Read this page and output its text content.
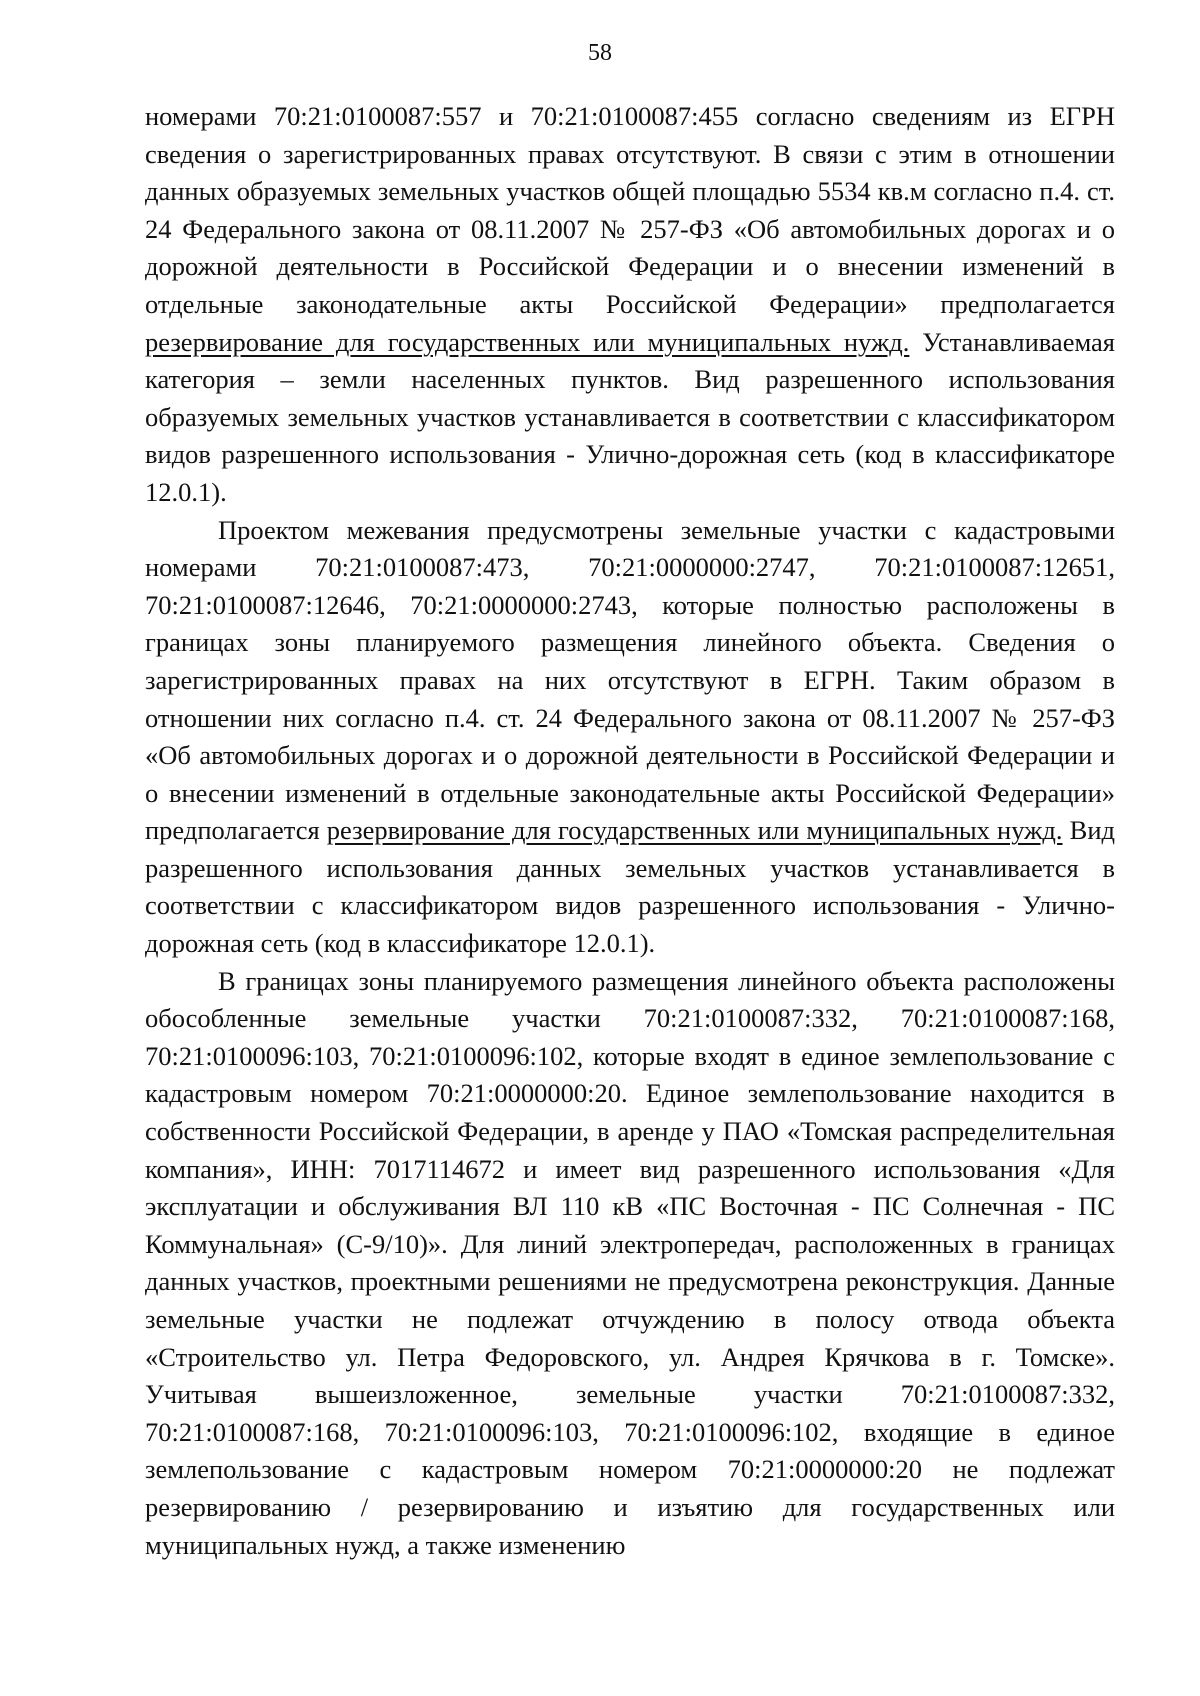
58

номерами 70:21:0100087:557 и 70:21:0100087:455 согласно сведениям из ЕГРН сведения о зарегистрированных правах отсутствуют. В связи с этим в отношении данных образуемых земельных участков общей площадью 5534 кв.м согласно п.4. ст. 24 Федерального закона от 08.11.2007 № 257-ФЗ «Об автомобильных дорогах и о дорожной деятельности в Российской Федерации и о внесении изменений в отдельные законодательные акты Российской Федерации» предполагается резервирование для государственных или муниципальных нужд. Устанавливаемая категория – земли населенных пунктов. Вид разрешенного использования образуемых земельных участков устанавливается в соответствии с классификатором видов разрешенного использования - Улично-дорожная сеть (код в классификаторе 12.0.1).

Проектом межевания предусмотрены земельные участки с кадастровыми номерами 70:21:0100087:473, 70:21:0000000:2747, 70:21:0100087:12651, 70:21:0100087:12646, 70:21:0000000:2743, которые полностью расположены в границах зоны планируемого размещения линейного объекта. Сведения о зарегистрированных правах на них отсутствуют в ЕГРН. Таким образом в отношении них согласно п.4. ст. 24 Федерального закона от 08.11.2007 № 257-ФЗ «Об автомобильных дорогах и о дорожной деятельности в Российской Федерации и о внесении изменений в отдельные законодательные акты Российской Федерации» предполагается резервирование для государственных или муниципальных нужд. Вид разрешенного использования данных земельных участков устанавливается в соответствии с классификатором видов разрешенного использования - Улично-дорожная сеть (код в классификаторе 12.0.1).

В границах зоны планируемого размещения линейного объекта расположены обособленные земельные участки 70:21:0100087:332, 70:21:0100087:168, 70:21:0100096:103, 70:21:0100096:102, которые входят в единое землепользование с кадастровым номером 70:21:0000000:20. Единое землепользование находится в собственности Российской Федерации, в аренде у ПАО «Томская распределительная компания», ИНН: 7017114672 и имеет вид разрешенного использования «Для эксплуатации и обслуживания ВЛ 110 кВ «ПС Восточная - ПС Солнечная - ПС Коммунальная» (С-9/10)». Для линий электропередач, расположенных в границах данных участков, проектными решениями не предусмотрена реконструкция. Данные земельные участки не подлежат отчуждению в полосу отвода объекта «Строительство ул. Петра Федоровского, ул. Андрея Крячкова в г. Томске». Учитывая вышеизложенное, земельные участки 70:21:0100087:332, 70:21:0100087:168, 70:21:0100096:103, 70:21:0100096:102, входящие в единое землепользование с кадастровым номером 70:21:0000000:20 не подлежат резервированию / резервированию и изъятию для государственных или муниципальных нужд, а также изменению
